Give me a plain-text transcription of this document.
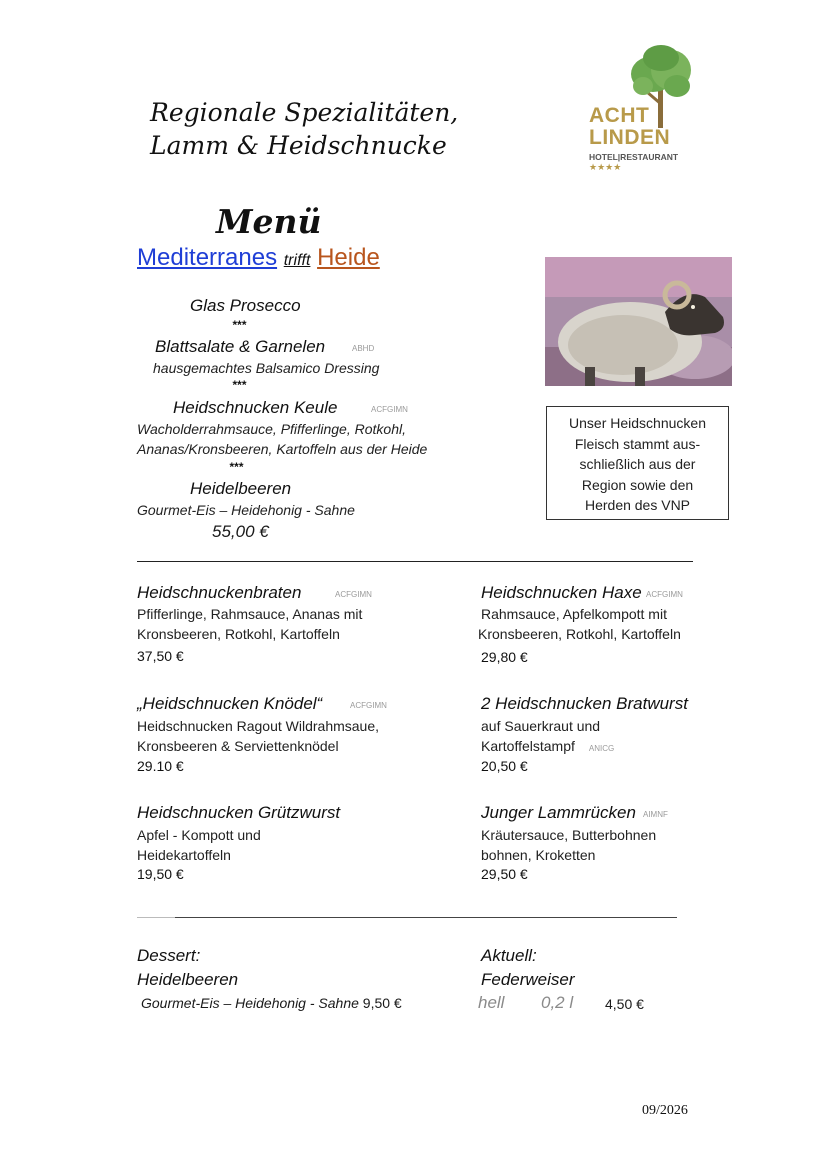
Regionale Spezialitäten,
Lamm & Heidschnucke
ACHT
LINDEN
HOTEL|RESTAURANT
★★★★
Menü
Mediterranes trifft Heide
Glas Prosecco
***
Blattsalate & Garnelen	ABHD
hausgemachtes Balsamico Dressing
***
Heidschnucken Keule	ACFGIMN
Wacholderrahmsauce, Pfifferlinge, Rotkohl,
Ananas/Kronsbeeren, Kartoffeln aus der Heide
***
Heidelbeeren
Gourmet-Eis – Heidehonig - Sahne
55,00 €
Unser Heidschnucken
Fleisch stammt aus-
schließlich aus der
Region sowie den
Herden des VNP
Heidschnuckenbraten	ACFGIMN
Pfifferlinge, Rahmsauce, Ananas mit
Kronsbeeren, Rotkohl, Kartoffeln
37,50 €
„Heidschnucken Knödel“	ACFGIMN
Heidschnucken Ragout Wildrahmsaue,
Kronsbeeren & Serviettenknödel
29.10 €
Heidschnucken Grützwurst
Apfel - Kompott und
Heidekartoffeln
19,50 €
Heidschnucken Haxe ACFGIMN
Rahmsauce, Apfelkompott mit
Kronsbeeren, Rotkohl, Kartoffeln
29,80 €
2 Heidschnucken Bratwurst
auf Sauerkraut und
Kartoffelstampf ANICG
20,50 €
Junger Lammrücken AIMNF
Kräutersauce, Butterbohnen
bohnen, Kroketten
29,50 €
Dessert:
Heidelbeeren
Gourmet-Eis – Heidehonig - Sahne 9,50 €
Aktuell:
Federweiser
hell 0,2 l 4,50 €
09/2026
